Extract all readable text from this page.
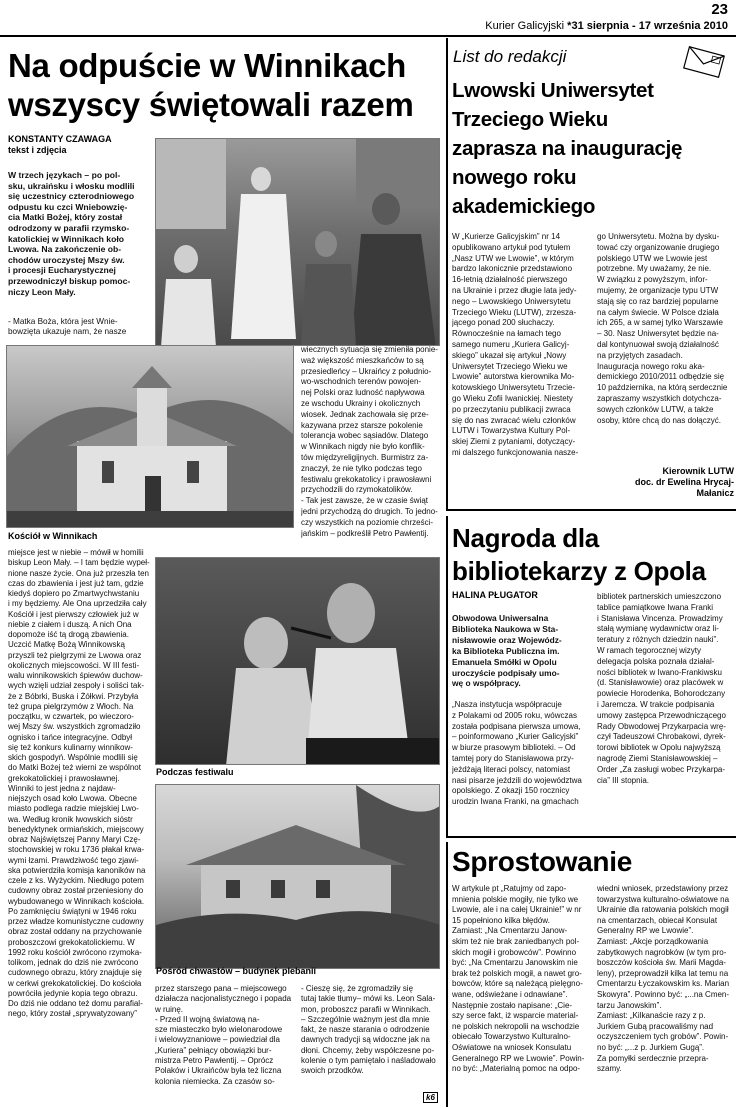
23
Kurier Galicyjski *31 sierpnia - 17 września 2010
Na odpuście w Winnikach
wszyscy świętowali razem
KONSTANTY CZAWAGA
tekst i zdjęcia
W trzech językach – po pol-
sku, ukraińsku i włosku modlili
się uczestnicy czterodniowego
odpustu ku czci Wniebowzię-
cia Matki Bożej, który został
odrodzony w parafii rzymsko-
katolickiej w Winnikach koło
Lwowa. Na zakończenie ob-
chodów uroczystej Mszy św.
i procesji Eucharystycznej
przewodniczył biskup pomoc-
niczy Leon Mały.
- Matka Boża, która jest Wnie-
bowzięta ukazuje nam, że nasze
Kościół w Winnikach
wiecznych sytuacja się zmieniła ponie-
waż większość mieszkańców to są
przesiedleńcy – Ukraińcy z południo-
wo-wschodnich terenów powojen-
nej Polski oraz ludność napływowa
ze wschodu Ukrainy i okolicznych
wiosek. Jednak zachowała się prze-
kazywana przez starsze pokolenie
tolerancja wobec sąsiadów. Dlatego
w Winnikach nigdy nie było konflik-
tów międzyreligijnych. Burmistrz za-
znaczył, że nie tylko podczas tego
festiwalu grekokatolicy i prawosławni
przychodzili do rzymokatolików.
- Tak jest zawsze, że w czasie świąt
jedni przychodzą do drugich. To jedno-
czy wszystkich na poziomie chrześci-
jańskim – podkreślił Petro Pawłentij.
miejsce jest w niebie – mówił w homilii
biskup Leon Mały. – I tam będzie wypeł-
nione nasze życie. Ona już przeszła ten
czas do zbawienia i jest już tam, gdzie
kiedyś dopiero po Zmartwychwstaniu
i my będziemy. Ale Ona uprzedziła cały
Kościół i jest pierwszy człowiek już w
niebie z ciałem i duszą. A nich Ona
dopomoże iść tą drogą zbawienia.
Uczcić Matkę Bożą Winnikowską
przyszli też pielgrzymi ze Lwowa oraz
okolicznych miejscowości. W III festi-
walu winnikowskich śpiewów duchow-
wych wzięli udział zespoły i soliści tak-
że z Bóbrki, Buska i Żółkwi. Przybyła
też grupa pielgrzymów z Włoch. Na
początku, w czwartek, po wieczoro-
wej Mszy św. wszystkich zgromadziło
ognisko i tańce integracyjne. Odbył
się też konkurs kulinarny winnikow-
skich gospodyń. Wspólnie modlili się
do Matki Bożej też wierni ze wspólnot
grekokatolickiej i prawosławnej.
Winniki to jest jedna z najdaw-
niejszych osad koło Lwowa. Obecne
miasto podlega radzie miejskiej Lwo-
wa. Według kronik lwowskich sióstr
benedyktynek ormiańskich, miejscowy
obraz Najświętszej Panny Maryi Czę-
stochowskiej w roku 1736 płakał krwa-
wymi łzami. Prawdziwość tego zjawi-
ska potwierdziła komisja kanoników na
czele z ks. Wyżyckim. Niedługo potem
cudowny obraz został przeniesiony do
wybudowanego w Winnikach kościoła.
Po zamknięciu świątyni w 1946 roku
przez władze komunistyczne cudowny
obraz został oddany na przychowanie
proboszczowi grekokatolickiemu. W
1992 roku kościół zwrócono rzymoka-
tolikom, jednak do dziś nie zwrócono
cudownego obrazu, który znajduje się
w cerkwi grekokatolickiej. Do kościoła
powróciła jedynie kopia tego obrazu.
Do dziś nie oddano też domu parafial-
nego, który został „sprywatyzowany”
Podczas festiwalu
Pośród chwastów – budynek plebanii
przez starszego pana – miejscowego
działacza nacjonalistycznego i popada
w ruinę.
- Przed II wojną światową na-
sze miasteczko było wielonarodowe
i wielowyznaniowe – powiedział dla
„Kuriera” pełniący obowiązki bur-
mistrza Petro Pawłentij. – Oprócz
Polaków i Ukraińców była też liczna
kolonia niemiecka. Za czasów so-
- Cieszę się, że zgromadziły się
tutaj takie tłumy– mówi ks. Leon Sala-
mon, proboszcz parafii w Winnikach.
– Szczególnie ważnym jest dla mnie
fakt, że nasze starania o odrodzenie
dawnych tradycji są widoczne jak na
dłoni. Chcemy, żeby współczesne po-
kolenie o tym pamiętało i naśladowało
swoich przodków.
k6
List do redakcji
Lwowski Uniwersytet
Trzeciego Wieku
zaprasza na inaugurację
nowego roku
akademickiego
W „Kurierze Galicyjskim” nr 14
opublikowano artykuł pod tytułem
„Nasz UTW we Lwowie”, w którym
bardzo lakonicznie przedstawiono
16-letnią działalność pierwszego
na Ukrainie i przez długie lata jedy-
nego – Lwowskiego Uniwersytetu
Trzeciego Wieku (LUTW), zrzesza-
jącego ponad 200 słuchaczy.
Równocześnie na łamach tego
samego numeru „Kuriera Galicyj-
skiego” ukazał się artykuł „Nowy
Uniwersytet Trzeciego Wieku we
Lwowie” autorstwa kierownika Mo-
kotowskiego Uniwersytetu Trzecie-
go Wieku Zofii Iwanickiej. Niestety
po przeczytaniu publikacji zwraca
się do nas zwracać wielu członków
LUTW i Towarzystwa Kultury Pol-
skiej Ziemi z pytaniami, dotyczący-
mi dalszego funkcjonowania nasze-
go Uniwersytetu. Można by dysku-
tować czy organizowanie drugiego
polskiego UTW we Lwowie jest
potrzebne. My uważamy, że nie.
W związku z powyższym, infor-
mujemy, że organizacje typu UTW
stają się co raz bardziej popularne
na całym świecie. W Polsce działa
ich 265, a w samej tylko Warszawie
– 30. Nasz Uniwersytet będzie na-
dal kontynuował swoją działalność
na przyjętych zasadach.
Inauguracja nowego roku aka-
demickiego 2010/2011 odbędzie się
10 października, na którą serdecznie
zapraszamy wszystkich dotychcza-
sowych członków LUTW, a także
osoby, które chcą do nas dołączyć.
Kierownik LUTW
doc. dr Ewelina Hrycaj-
Małanicz
Nagroda dla
bibliotekarzy z Opola
HALINA PŁUGATOR
Obwodowa Uniwersalna
Biblioteka Naukowa w Sta-
nisławowie oraz Wojewódz-
ka Biblioteka Publiczna im.
Emanuela Smółki w Opolu
uroczyście podpisały umo-
wę o współpracy.
„Nasza instytucja współpracuje
z Polakami od 2005 roku, wówczas
została podpisana pierwsza umowa,
– poinformowano „Kurier Galicyjski”
w biurze prasowym biblioteki. – Od
tamtej pory do Stanisławowa przy-
jeżdżają literaci polscy, natomiast
nasi pisarze jeździli do województwa
opolskiego. Z okazji 150 rocznicy
urodzin Iwana Franki, na gmachach
bibliotek partnerskich umieszczono
tablice pamiątkowe Iwana Franki
i Stanisława Vincenza. Prowadzimy
stałą wymianę wydawnictw oraz li-
teratury z różnych dziedzin nauki”.
W ramach tegorocznej wizyty
delegacja polska poznała działal-
ności bibliotek w Iwano-Frankiwsku
(d. Stanisławowie) oraz placówek w
powiecie Horodenka, Bohorodczany
i Jaremcza. W trakcie podpisania
umowy zastępca Przewodniczącego
Rady Obwodowej Przykarpacia wrę-
czył Tadeuszowi Chrobakowi, dyrek-
torowi bibliotek w Opolu najwyższą
nagrodę Ziemi Stanisławowskiej –
Order „Za zasługi wobec Przykarpa-
cia” III stopnia.
Sprostowanie
W artykule pt „Ratujmy od zapo-
mnienia polskie mogiły, nie tylko we
Lwowie, ale i na całej Ukrainie!” w nr
15 popełniono kilka błędów.
Zamiast: „Na Cmentarzu Janow-
skim też nie brak zaniedbanych pol-
skich mogił i grobowców”. Powinno
być: „Na Cmentarzu Janowskim nie
brak też polskich mogił, a nawet gro-
bowców, które są należącą pielęgno-
wane, odświeżane i odnawiane”.
Następnie zostało napisane: „Cie-
szy serce fakt, iż wsparcie material-
ne polskich nekropolii na wschodzie
obiecało Towarzystwo Kulturalno-
Oświatowe na wniosek Konsulatu
Generalnego RP we Lwowie”. Powin-
no być: „Materialną pomoc na odpo-
wiedni wniosek, przedstawiony przez
towarzystwa kulturalno-oświatowe na
Ukrainie dla ratowania polskich mogił
na cmentarzach, obiecał Konsulat
Generalny RP we Lwowie”.
Zamiast: „Akcje porządkowania
zabytkowych nagrobków (w tym pro-
boszczów kościoła św. Marii Magda-
leny), przeprowadził kilka lat temu na
Cmentarzu Łyczakowskim ks. Marian
Skowyra”. Powinno być: „...na Cmen-
tarzu Janowskim”.
Zamiast: „Kilkanaście razy z p.
Jurkiem Gubą pracowaliśmy nad
oczyszczeniem tych grobów”. Powin-
no być: „...z p. Jurkiem Gugą”.
Za pomyłki serdecznie przepra-
szamy.
